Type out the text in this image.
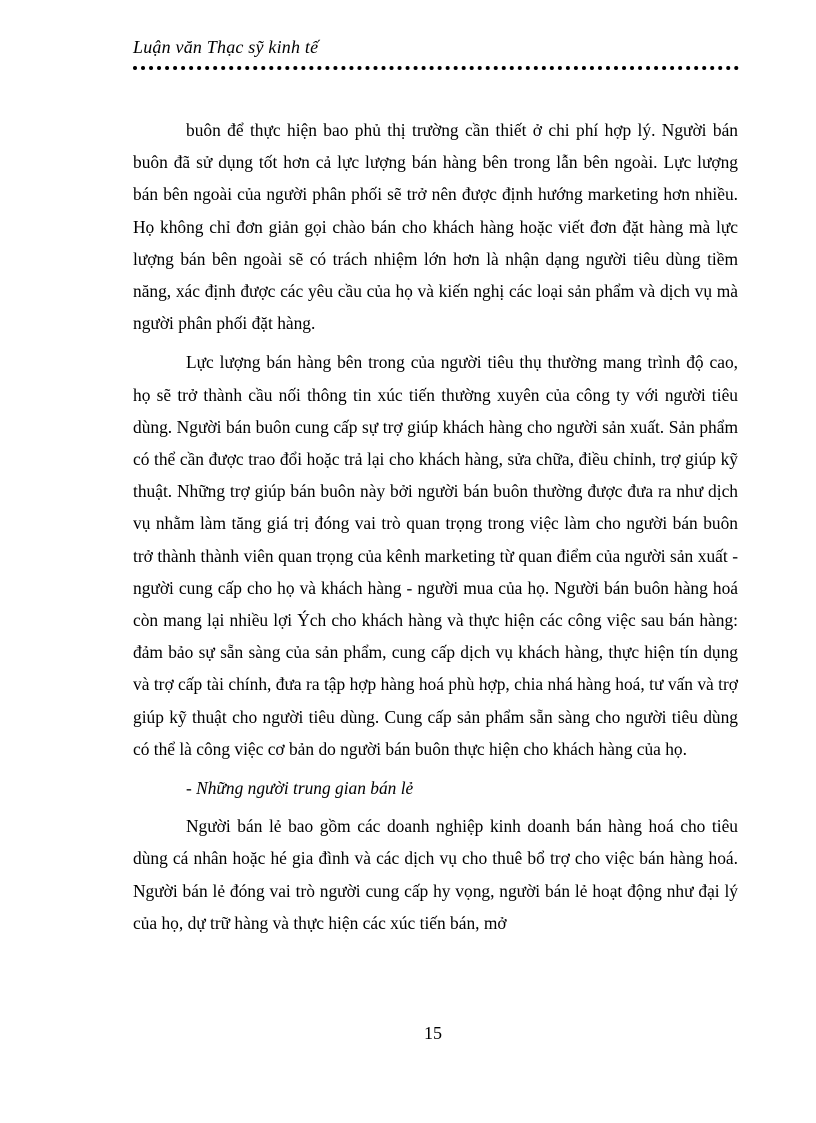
Luận văn Thạc sỹ kinh tế

buôn để thực hiện bao phủ thị trường cần thiết ở chi phí hợp lý. Người bán buôn đã sử dụng tốt hơn cả lực lượng bán hàng bên trong lẫn bên ngoài. Lực lượng bán bên ngoài của người phân phối sẽ trở nên được định hướng marketing hơn nhiều. Họ không chỉ đơn giản gọi chào bán cho khách hàng hoặc viết đơn đặt hàng mà lực lượng bán bên ngoài sẽ có trách nhiệm lớn hơn là nhận dạng người tiêu dùng tiềm năng, xác định được các yêu cầu của họ và kiến nghị các loại sản phẩm và dịch vụ mà người phân phối đặt hàng.

Lực lượng bán hàng bên trong của người tiêu thụ thường mang trình độ cao, họ sẽ trở thành cầu nối thông tin xúc tiến thường xuyên của công ty với người tiêu dùng. Người bán buôn cung cấp sự trợ giúp khách hàng cho người sản xuất. Sản phẩm có thể cần được trao đổi hoặc trả lại cho khách hàng, sửa chữa, điều chỉnh, trợ giúp kỹ thuật. Những trợ giúp bán buôn này bởi người bán buôn thường được đưa ra như dịch vụ nhằm làm tăng giá trị đóng vai trò quan trọng trong việc làm cho người bán buôn trở thành thành viên quan trọng của kênh marketing từ quan điểm của người sản xuất - người cung cấp cho họ và khách hàng - người mua của họ. Người bán buôn hàng hoá còn mang lại nhiều lợi Ých cho khách hàng và thực hiện các công việc sau bán hàng: đảm bảo sự sẵn sàng của sản phẩm, cung cấp dịch vụ khách hàng, thực hiện tín dụng và trợ cấp tài chính, đưa ra tập hợp hàng hoá phù hợp, chia nhá hàng hoá, tư vấn và trợ giúp kỹ thuật cho người tiêu dùng. Cung cấp sản phẩm sẵn sàng cho người tiêu dùng có thể là công việc cơ bản do người bán buôn thực hiện cho khách hàng của họ.

- Những người trung gian bán lẻ

Người bán lẻ bao gồm các doanh nghiệp kinh doanh bán hàng hoá cho tiêu dùng cá nhân hoặc hé gia đình và các dịch vụ cho thuê bổ trợ cho việc bán hàng hoá. Người bán lẻ đóng vai trò người cung cấp hy vọng, người bán lẻ hoạt động như đại lý của họ, dự trữ hàng và thực hiện các xúc tiến bán, mở

15
